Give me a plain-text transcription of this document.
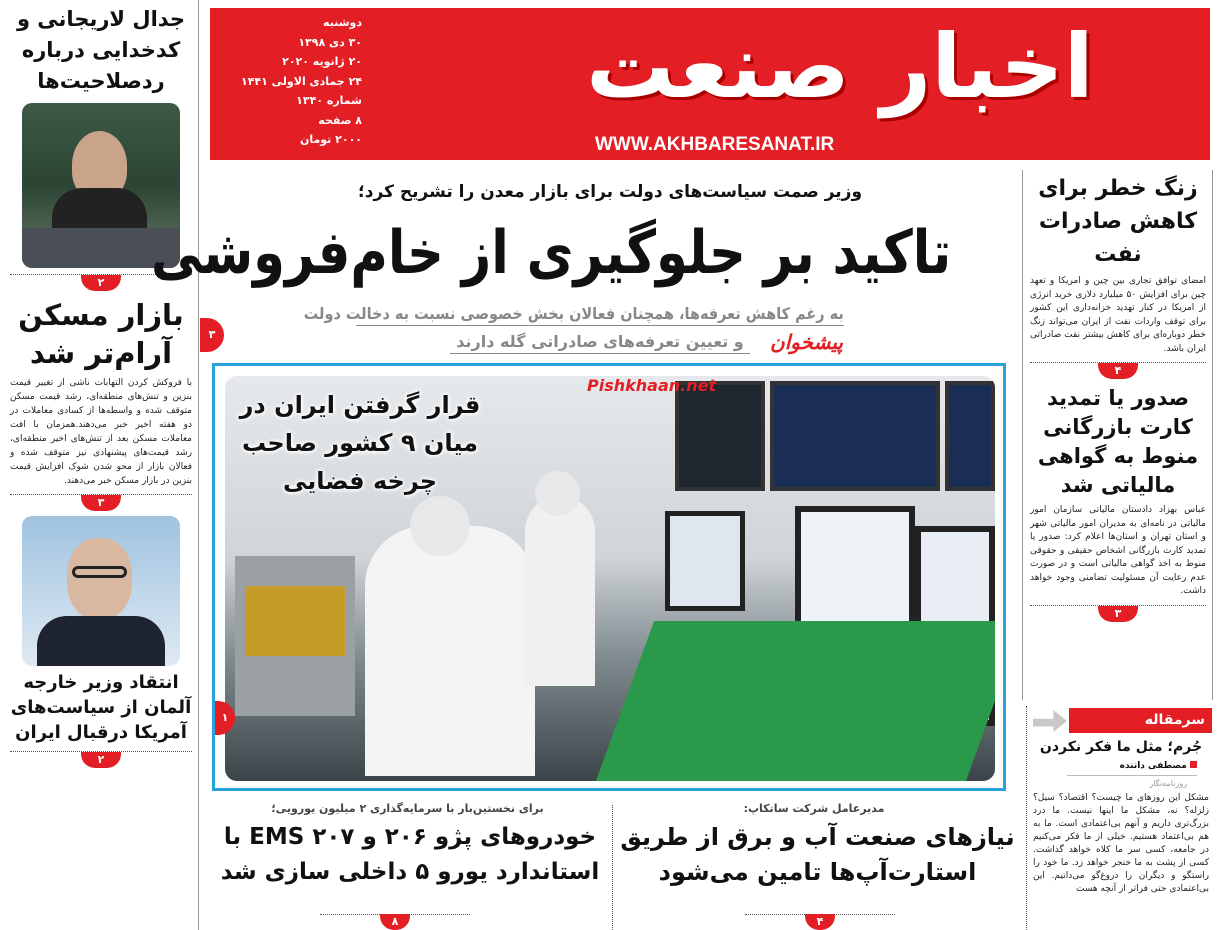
اخبار صنعت
WWW.AKHBARESANAT.IR
دوشنبه
۳۰ دی ۱۳۹۸
۲۰ ژانویه ۲۰۲۰
۲۴ جمادی الاولی ۱۴۴۱
شماره ۱۳۴۰
۸ صفحه
۲۰۰۰ تومان
جدال لاریجانی و کدخدایی درباره ردصلاحیت‌ها
۲
بازار مسکن آرام‌تر شد
با فروکش کردن التهابات ناشی از تغییر قیمت بنزین و تنش‌های منطقه‌ای، رشد قیمت مسکن متوقف شده و واسطه‌ها از کسادی معاملات در دو هفته اخیر خبر می‌دهند.همزمان با افت معاملات مسکن بعد از تنش‌های اخیر منطقه‌ای، رشد قیمت‌های پیشنهادی نیز متوقف شده و فعالان بازار از محو شدن شوک افزایش قیمت بنزین در بازار مسکن خبر می‌دهند.
۳
انتقاد وزیر خارجه آلمان از سیاست‌های آمریکا درقبال ایران
۲
وزیر صمت سیاست‌های دولت برای بازار معدن را تشریح کرد؛
تاکید بر جلوگیری از خام‌فروشی
به رغم کاهش تعرفه‌ها، همچنان فعالان بخش خصوصی نسبت به دخالت دولت
و تعیین تعرفه‌های صادراتی گله دارند
۳	پیشخوان
قرار گرفتن ایران در میان ۹ کشور صاحب چرخه فضایی
Pishkhaan.net
۱
مدیرعامل شرکت ساتکاپ:
نیازهای صنعت آب و برق از طریق استارت‌آپ‌ها تامین می‌شود
۴
برای نخستین‌بار با سرمایه‌گذاری ۲ میلیون یورویی؛
خودروهای پژو ۲۰۶ و ۲۰۷ EMS با استاندارد یورو ۵ داخلی سازی شد
۸
زنگ خطر برای کاهش صادرات نفت
امضای توافق تجاری بین چین و امریکا و تعهد چین برای افزایش ۵۰ میلیارد دلاری خرید انرژی از امریکا در کنار تهدید خزانه‌داری این کشور برای توقف واردات نفت از ایران می‌تواند زنگ خطر دوباره‌ای برای کاهش بیشتر نفت صادراتی ایران باشد.
۴
صدور یا تمدید کارت بازرگانی منوط به گواهی مالیاتی شد
عباس بهزاد دادستان مالیاتی سازمان امور مالیاتی در نامه‌ای به مدیران امور مالیاتی شهر و استان تهران و استان‌ها اعلام کرد: صدور یا تمدید کارت بازرگانی اشخاص حقیقی و حقوقی منوط به اخذ گواهی مالیاتی است و در صورت عدم رعایت آن مسئولیت تضامنی وجود خواهد داشت.
۳
سرمقاله
جُرم؛ مثل ما فکر نکردن
مصطفی داننده
روزنامه‌نگار
مشکل این روزهای ما چیست؟ اقتصاد؟ سیل؟ زلزله؟ نه، مشکل ما اینها نیست. ما درد بزرگ‌تری داریم و آنهم بی‌اعتمادی است. ما به هم بی‌اعتماد هستیم. خیلی از ما فکر می‌کنیم در جامعه، کسی سر ما کلاه خواهد گذاشت. کسی از پشت به ما خنجر خواهد زد. ما خود را راستگو و دیگران را دروغ‌گو می‌دانیم. این بی‌اعتمادی حتی فراتر از آنچه هست
